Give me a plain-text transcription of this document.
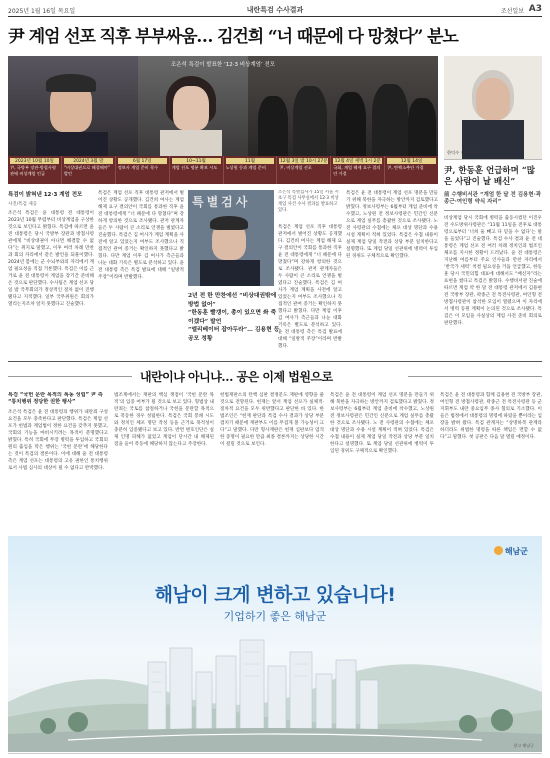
2025년 1월 16일 목요일	내란특검 수사결과	조선일보 A3
尹 계엄 선포 직후 부부싸움… 김건희 “너 때문에 다 망쳤다” 분노
조은석 특검이 발표한 ‘12·3 비상계엄’ 전모
2023년 10월 10일
尹, 국방부 장관·방첩사령관에 비상계엄 언급
2024년 3월 말
“비상대권으로 해결해야” 발언
6월 17일
정보사 계엄 준비 착수
10~11월
계엄 선포 명분 확보 시도
11월
노상원 등과 계엄 준비
12월 3일 밤 10시 27분
尹, 비상계엄 선포
12월 4일 새벽 1시 2분
국회, 계엄 해제 요구 결의안 가결
12월 14일
尹, 탄핵소추안 가결
한덕수 전 국무총리
尹, 한동훈 언급하며 “많은 사람이 날 배신”

前 수행비서관 “계엄 한 달 전 김용현·곽종근·여인형 약식 자리”

비상계엄 당시 국회에 병력을 출동시켰던 이진우 전 수도방위사령관은 “11월 11일을 전후로 대통령으로부터 ‘너희 둘 빼고 다 믿을 수 없다’는 말을 들었다”고 진술했다. 특검 수사 결과 윤 전 대통령은 계엄 선포 전 여러 차례 정치인과 법조인 체포를 지시한 정황이 드러났다. 윤 전 대통령은 지난해 여름부터 주요 인사들과 만찬 자리에서 ‘반국가 세력’ 척결 필요성을 거듭 언급했고, 한동훈 당시 국민의힘 대표에 대해서도 “배신자”라는 표현을 썼다고 특검은 밝혔다. 수행비서관 진술에 따르면 계엄 약 한 달 전 대통령 관저에서 김용현 전 국방부 장관, 곽종근 전 특전사령관, 여인형 전 방첩사령관이 참석한 모임이 열렸으며 이 자리에서 병력 동원 계획이 논의된 것으로 조사됐다. 특검은 이 모임을 사실상의 계엄 사전 준비 회의로 판단했다.

특검이 밝혀낸 12·3 계엄 전모
사진/특검 제공

조은석 특검은 윤 대통령 전 대통령이 2023년 10월 무렵부터 비상계엄을 구상한 것으로 보인다고 밝혔다. 특검에 따르면 윤 전 대통령은 당시 국방부 장관과 방첩사령관에게 “비상대권이 아니면 해결할 수 없다”는 취지로 말했고, 이후 여러 차례 만찬과 회의 자리에서 같은 발언을 되풀이했다. 2024년 봄에는 군 수뇌부와의 자리에서 계엄 필요성을 직접 거론했다. 특검은 이를 근거로 윤 전 대통령이 계엄을 장기간 준비해 온 것으로 판단했다. 수사팀은 계엄 선포 당일 밤 국무회의가 정상적인 절차 없이 진행됐다고 지적했다. 일부 국무위원은 회의가 열리는지조차 알지 못했다고 진술했다.

특검은 계엄 선포 직후 대통령 관저에서 벌어진 상황도 공개했다. 김건희 여사는 계엄 해제 요구 결의안이 국회를 통과한 직후 윤 전 대통령에게 “너 때문에 다 망쳤다”며 강하게 항의한 것으로 조사됐다. 관저 관계자들은 두 사람이 큰 소리로 언쟁을 벌였다고 진술했다. 특검은 김 여사가 계엄 계획을 사전에 알고 있었는지 여부도 조사했으나 직접적인 관여 증거는 확인하지 못했다고 밝혔다. 다만 계엄 이후 김 여사가 측근들과 나눈 대화 기록은 별도로 분석하고 있다. 윤 전 대통령 측은 특검 발표에 대해 “일방적 주장”이라며 반발했다.

특별검사

조은석 특별검사가 15일 서울 서초구 특검 사무실에서 12·3 비상계엄 사건 수사 결과를 발표하고 있다.

2년 전 한 만찬에선 “비상대권밖에 방법 없어”

“한동훈 빨갱이, 총이 있으면 쏴 죽이겠다” 발언

“엘리베이터 잡아두라”… 김용현 등 공모 정황

특검은 윤 전 대통령이 계엄 선포 명분을 만들기 위해 북한을 자극하는 방안까지 검토했다고 밝혔다. 정보사령부는 6월부터 계엄 준비에 착수했고, 노상원 전 정보사령관은 민간인 신분으로 계엄 실무를 총괄한 것으로 조사됐다. 노 전 사령관의 수첩에는 체포 대상 명단과 수용 시설 계획이 적혀 있었다. 특검은 수첩 내용이 실제 계엄 당일 작전과 상당 부분 일치한다고 설명했다. 또 계엄 당일 선관위에 병력이 투입된 경위도 구체적으로 확인했다.

특검은 계엄 선포 직후 대통령 관저에서 벌어진 상황도 공개했다. 김건희 여사는 계엄 해제 요구 결의안이 국회를 통과한 직후 윤 전 대통령에게 “너 때문에 다 망쳤다”며 강하게 항의한 것으로 조사됐다. 관저 관계자들은 두 사람이 큰 소리로 언쟁을 벌였다고 진술했다. 특검은 김 여사가 계엄 계획을 사전에 알고 있었는지 여부도 조사했으나 직접적인 관여 증거는 확인하지 못했다고 밝혔다. 다만 계엄 이후 김 여사가 측근들과 나눈 대화 기록은 별도로 분석하고 있다. 윤 전 대통령 측은 특검 발표에 대해 “일방적 주장”이라며 반발했다.

내란이냐 아니냐… 공은 이제 법원으로
특검 “국헌 문란 목적의 폭동 성립” 尹 측 “통치행위 정당한 권한 행사”

조은석 특검은 윤 전 대통령의 행위가 내란죄 구성요건을 모두 충족한다고 판단했다. 특검은 계엄 선포가 헌법과 계엄법이 정한 요건을 갖추지 못했고, 국회의 기능을 마비시키려는 목적이 분명했다고 밝혔다. 특히 국회에 무장 병력을 투입하고 국회의원의 출입을 막은 행위는 ‘국헌 문란’에 해당한다는 것이 특검의 결론이다. 이에 대해 윤 전 대통령 측은 계엄 선포는 대통령의 고유 권한인 통치행위로서 사법 심사의 대상이 될 수 없다고 반박했다.

법조계에서는 재판의 핵심 쟁점이 ‘국헌 문란 목적’의 입증 여부가 될 것으로 보고 있다. 형법상 내란죄는 국토를 참절하거나 국헌을 문란할 목적으로 폭동한 경우 성립한다. 특검은 국회 봉쇄 시도와 정치인 체포 명단 작성 등을 근거로 목적성이 충분히 입증됐다고 보고 있다. 반면 변호인단은 실제 인명 피해가 없었고 계엄이 단시간 내 해제된 점을 들어 폭동에 해당하지 않는다고 주장한다.

헌법재판소의 탄핵 심판 결정문도 재판에 영향을 줄 것으로 전망된다. 헌재는 앞서 계엄 선포가 실체적·절차적 요건을 모두 위반했다고 판단한 바 있다. 한 법조인은 “헌재 판단과 특검 수사 결과가 상당 부분 겹치기 때문에 재판부도 이를 무겁게 볼 가능성이 크다”고 말했다. 다만 형사재판은 헌재 심판보다 엄격한 증명이 필요한 만큼 최종 결론까지는 상당한 시간이 걸릴 것으로 보인다.

특검은 윤 전 대통령이 계엄 선포 명분을 만들기 위해 북한을 자극하는 방안까지 검토했다고 밝혔다. 정보사령부는 6월부터 계엄 준비에 착수했고, 노상원 전 정보사령관은 민간인 신분으로 계엄 실무를 총괄한 것으로 조사됐다. 노 전 사령관의 수첩에는 체포 대상 명단과 수용 시설 계획이 적혀 있었다. 특검은 수첩 내용이 실제 계엄 당일 작전과 상당 부분 일치한다고 설명했다. 또 계엄 당일 선관위에 병력이 투입된 경위도 구체적으로 확인했다.

특검은 윤 전 대통령과 함께 김용현 전 국방부 장관, 여인형 전 방첩사령관, 곽종근 전 특전사령관 등 군 지휘부도 내란 중요임무 종사 혐의로 기소했다. 이들은 법정에서 대통령의 명령에 따랐을 뿐이라는 입장을 밝혀 왔다. 특검 관계자는 “상명하복 관계라 하더라도 위법한 명령을 따른 책임은 면할 수 없다”고 말했다. 첫 공판은 다음 달 열릴 예정이다.

해남군
해남이 크게 변하고 있습니다!
기업하기 좋은 해남군
광고 해남군
